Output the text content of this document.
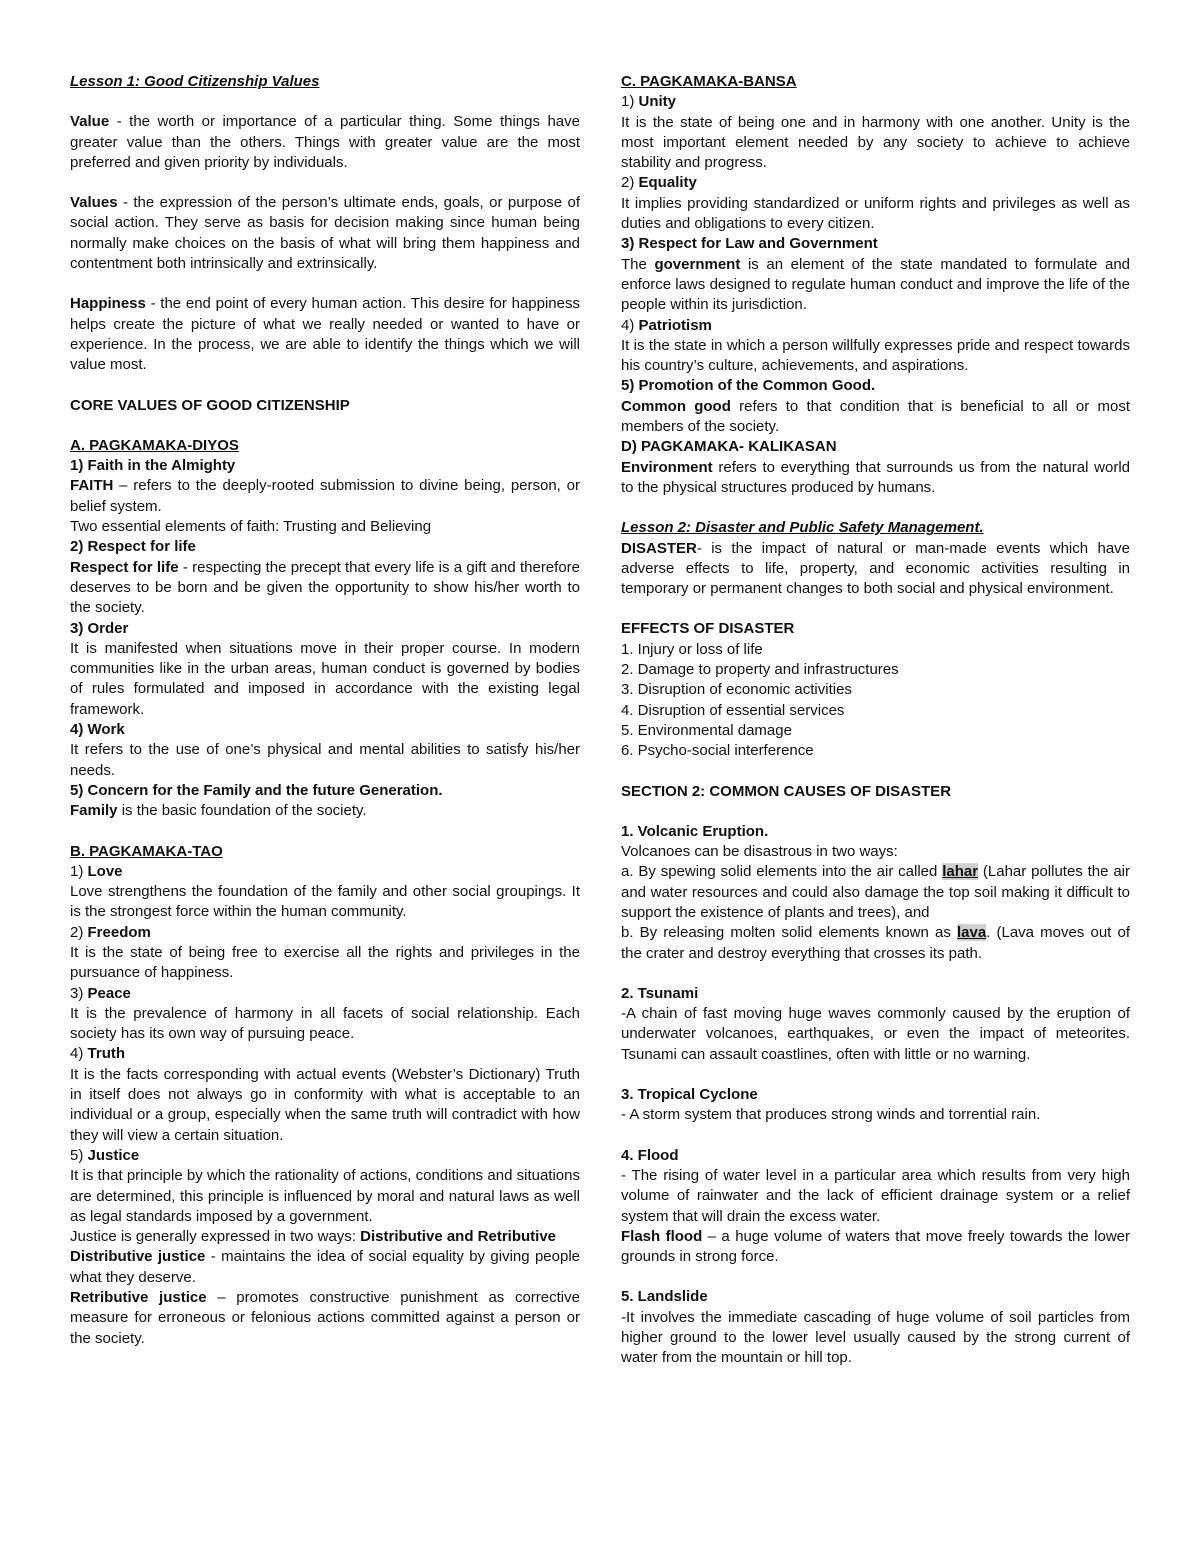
Lesson 1: Good Citizenship Values

Value - the worth or importance of a particular thing. Some things have greater value than the others. Things with greater value are the most preferred and given priority by individuals.

Values - the expression of the person’s ultimate ends, goals, or purpose of social action. They serve as basis for decision making since human being normally make choices on the basis of what will bring them happiness and contentment both intrinsically and extrinsically.

Happiness - the end point of every human action. This desire for happiness helps create the picture of what we really needed or wanted to have or experience. In the process, we are able to identify the things which we will value most.

CORE VALUES OF GOOD CITIZENSHIP

A. PAGKAMAKA-DIYOS

1) Faith in the Almighty

FAITH – refers to the deeply-rooted submission to divine being, person, or belief system.

Two essential elements of faith: Trusting and Believing

2) Respect for life

Respect for life - respecting the precept that every life is a gift and therefore deserves to be born and be given the opportunity to show his/her worth to the society.

3) Order

It is manifested when situations move in their proper course. In modern communities like in the urban areas, human conduct is governed by bodies of rules formulated and imposed in accordance with the existing legal framework.

4) Work

It refers to the use of one’s physical and mental abilities to satisfy his/her needs.

5) Concern for the Family and the future Generation.

Family is the basic foundation of the society.

B. PAGKAMAKA-TAO

1) Love

Love strengthens the foundation of the family and other social groupings. It is the strongest force within the human community.

2) Freedom

It is the state of being free to exercise all the rights and privileges in the pursuance of happiness.

3) Peace

It is the prevalence of harmony in all facets of social relationship. Each society has its own way of pursuing peace.

4) Truth

It is the facts corresponding with actual events (Webster’s Dictionary) Truth in itself does not always go in conformity with what is acceptable to an individual or a group, especially when the same truth will contradict with how they will view a certain situation.

5) Justice

It is that principle by which the rationality of actions, conditions and situations are determined, this principle is influenced by moral and natural laws as well as legal standards imposed by a government.

Justice is generally expressed in two ways: Distributive and Retributive

Distributive justice - maintains the idea of social equality by giving people what they deserve.

Retributive justice – promotes constructive punishment as corrective measure for erroneous or felonious actions committed against a person or the society.

C. PAGKAMAKA-BANSA

1) Unity

It is the state of being one and in harmony with one another. Unity is the most important element needed by any society to achieve to achieve stability and progress.

2) Equality

It implies providing standardized or uniform rights and privileges as well as duties and obligations to every citizen.

3) Respect for Law and Government

The government is an element of the state mandated to formulate and enforce laws designed to regulate human conduct and improve the life of the people within its jurisdiction.

4) Patriotism

It is the state in which a person willfully expresses pride and respect towards his country’s culture, achievements, and aspirations.

5) Promotion of the Common Good.

Common good refers to that condition that is beneficial to all or most members of the society.

D) PAGKAMAKA- KALIKASAN

Environment refers to everything that surrounds us from the natural world to the physical structures produced by humans.

Lesson 2: Disaster and Public Safety Management.

DISASTER- is the impact of natural or man-made events which have adverse effects to life, property, and economic activities resulting in temporary or permanent changes to both social and physical environment.

EFFECTS OF DISASTER

1. Injury or loss of life

2. Damage to property and infrastructures

3. Disruption of economic activities

4. Disruption of essential services

5. Environmental damage

6. Psycho-social interference

SECTION 2: COMMON CAUSES OF DISASTER

1. Volcanic Eruption.

Volcanoes can be disastrous in two ways:

a. By spewing solid elements into the air called lahar (Lahar pollutes the air and water resources and could also damage the top soil making it difficult to support the existence of plants and trees), and

b. By releasing molten solid elements known as lava. (Lava moves out of the crater and destroy everything that crosses its path.

2. Tsunami

-A chain of fast moving huge waves commonly caused by the eruption of underwater volcanoes, earthquakes, or even the impact of meteorites. Tsunami can assault coastlines, often with little or no warning.

3. Tropical Cyclone

- A storm system that produces strong winds and torrential rain.

4. Flood

- The rising of water level in a particular area which results from very high volume of rainwater and the lack of efficient drainage system or a relief system that will drain the excess water.

Flash flood – a huge volume of waters that move freely towards the lower grounds in strong force.

5. Landslide

-It involves the immediate cascading of huge volume of soil particles from higher ground to the lower level usually caused by the strong current of water from the mountain or hill top.
